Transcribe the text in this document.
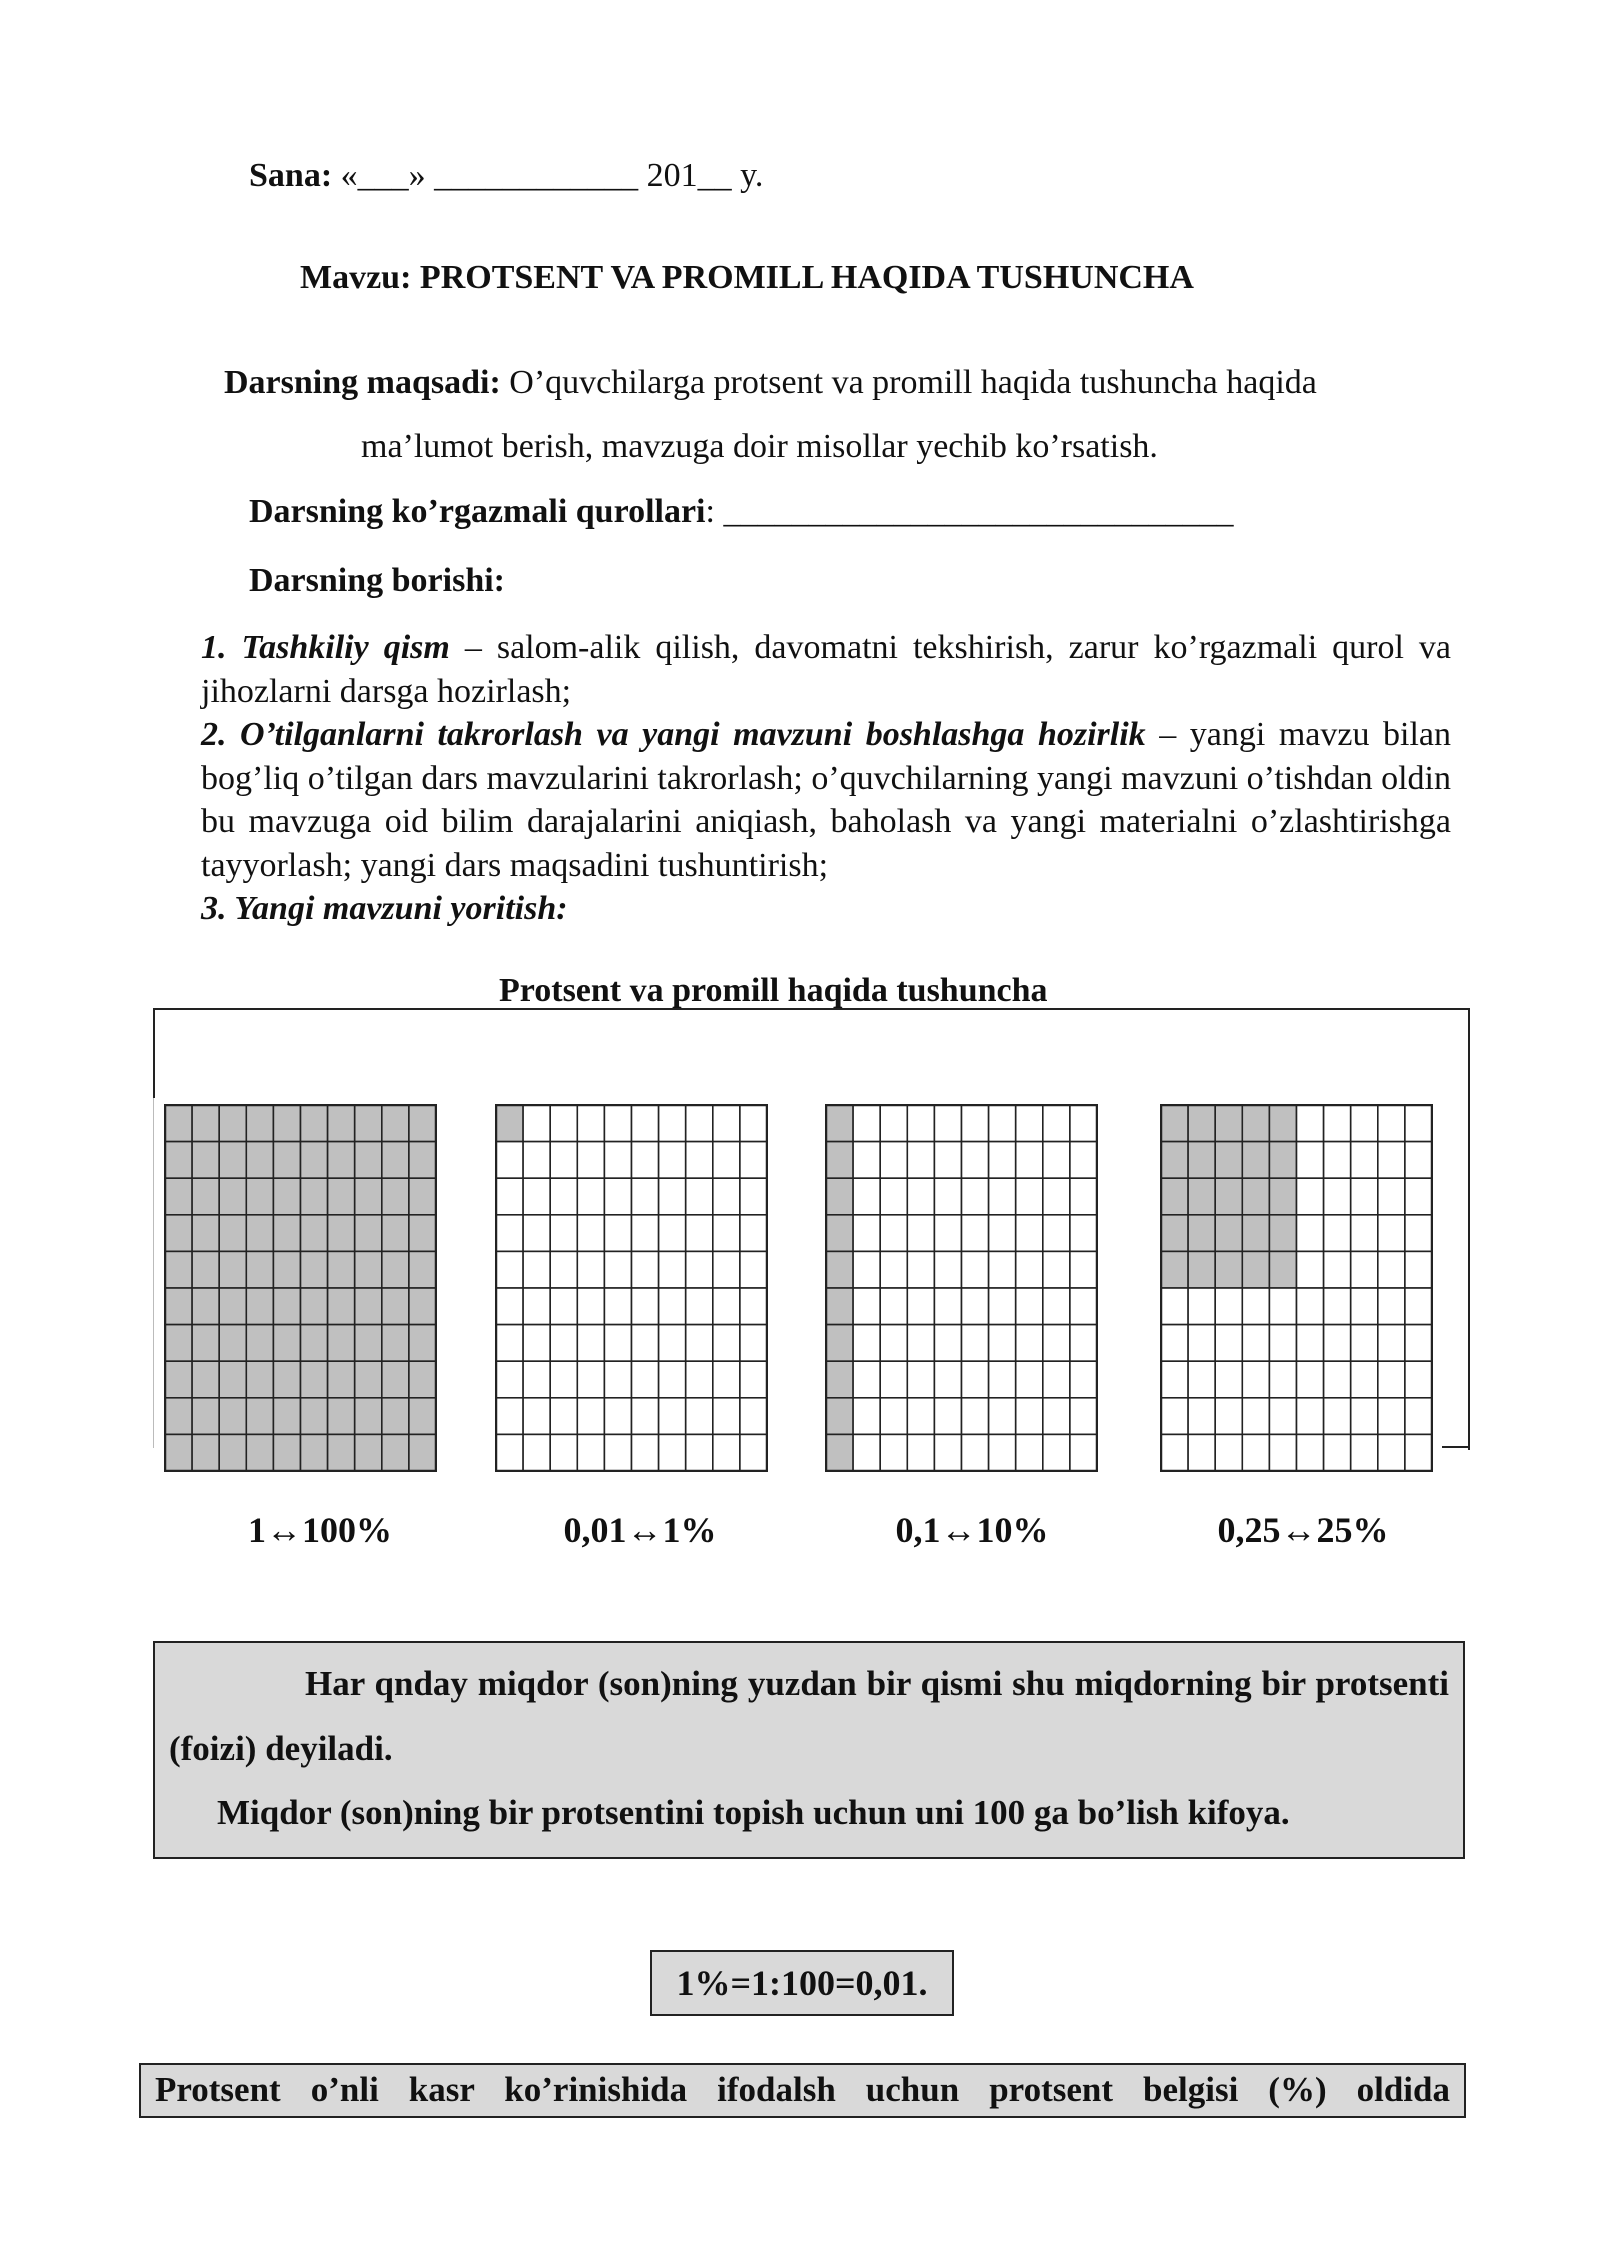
Sana: «___» ____________ 201__ y.
Mavzu: PROTSENT VA PROMILL HAQIDA TUSHUNCHA
Darsning maqsadi: O’quvchilarga protsent va promill haqida tushuncha haqida
ma’lumot berish, mavzuga doir misollar yechib ko’rsatish.
Darsning ko’rgazmali qurollari: ______________________________
Darsning borishi:

1. Tashkiliy qism – salom-alik qilish, davomatni tekshirish, zarur ko’rgazmali qurol va jihozlarni darsga hozirlash;

2. O’tilganlarni takrorlash va yangi mavzuni boshlashga hozirlik – yangi mavzu bilan bog’liq o’tilgan dars mavzularini takrorlash; o’quvchilarning yangi mavzuni o’tishdan oldin bu mavzuga oid bilim darajalarini aniqiash, baholash va yangi materialni o’zlashtirishga tayyorlash; yangi dars maqsadini tushuntirish;

3. Yangi mavzuni yoritish:

Protsent va promill haqida tushuncha
1↔100%	0,01↔1%	0,1↔10%	0,25↔25%
Har qnday miqdor (son)ning yuzdan bir qismi shu miqdorning bir protsenti (foizi) deyiladi.
Miqdor (son)ning bir protsentini topish uchun uni 100 ga bo’lish kifoya.
1%=1:100=0,01.
Protsent o’nli kasr ko’rinishida ifodalsh uchun protsent belgisi (%) oldida
